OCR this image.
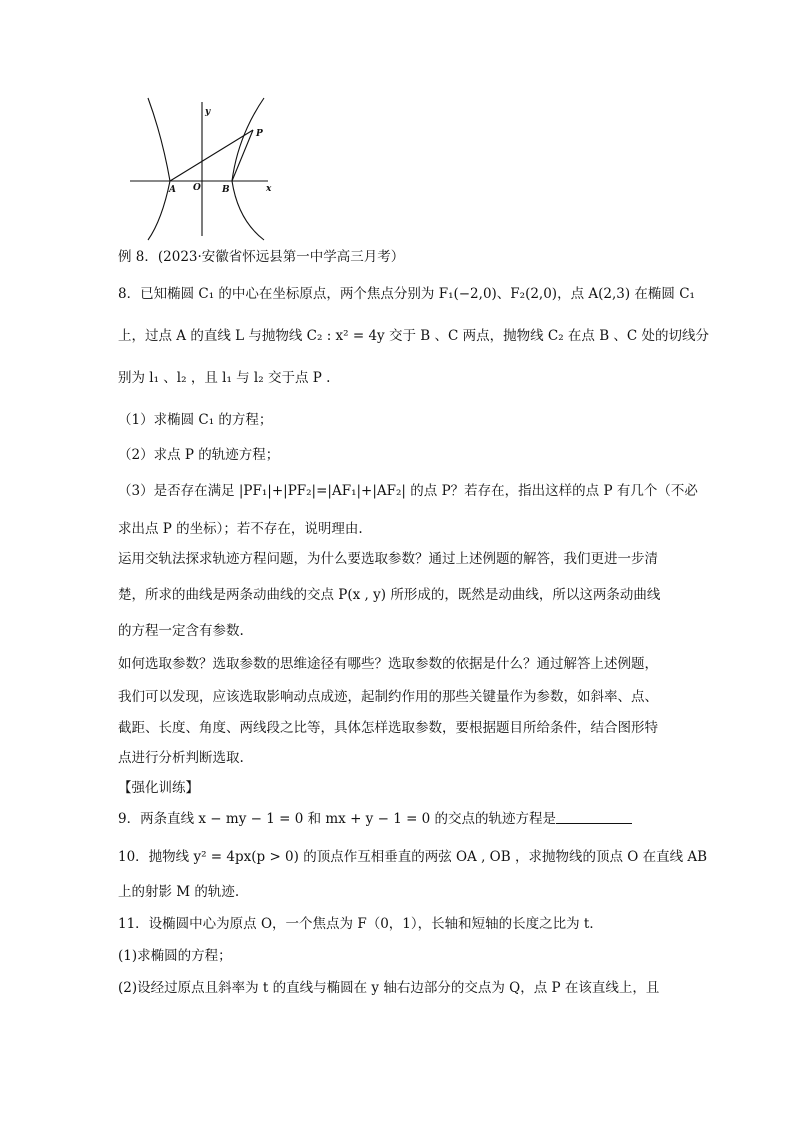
y
x
P
A O B
例 8．(2023·安徽省怀远县第一中学高三月考）
8．已知椭圆 C₁ 的中心在坐标原点，两个焦点分别为 F₁(−2,0)、F₂(2,0)，点 A(2,3) 在椭圆 C₁
上，过点 A 的直线 L 与抛物线 C₂ : x² = 4y 交于 B 、C 两点，抛物线 C₂ 在点 B 、C 处的切线分
别为 l₁ 、l₂ ，且 l₁ 与 l₂ 交于点 P .
（1）求椭圆 C₁ 的方程；
（2）求点 P 的轨迹方程；
（3）是否存在满足 |PF₁|+|PF₂|=|AF₁|+|AF₂| 的点 P？若存在，指出这样的点 P 有几个（不必
求出点 P 的坐标）；若不存在，说明理由.
运用交轨法探求轨迹方程问题，为什么要选取参数？通过上述例题的解答，我们更进一步清
楚，所求的曲线是两条动曲线的交点 P(x , y) 所形成的，既然是动曲线，所以这两条动曲线
的方程一定含有参数.
如何选取参数？选取参数的思维途径有哪些？选取参数的依据是什么？通过解答上述例题，
我们可以发现，应该选取影响动点成迹，起制约作用的那些关键量作为参数，如斜率、点、
截距、长度、角度、两线段之比等，具体怎样选取参数，要根据题目所给条件，结合图形特
点进行分析判断选取.
【强化训练】
9．两条直线 x − my − 1 = 0 和 mx + y − 1 = 0 的交点的轨迹方程是
10．抛物线 y² = 4px(p > 0) 的顶点作互相垂直的两弦 OA , OB ，求抛物线的顶点 O 在直线 AB
上的射影 M 的轨迹.
11．设椭圆中心为原点 O，一个焦点为 F（0，1），长轴和短轴的长度之比为 t．
(1)求椭圆的方程；
(2)设经过原点且斜率为 t 的直线与椭圆在 y 轴右边部分的交点为 Q，点 P 在该直线上，且
